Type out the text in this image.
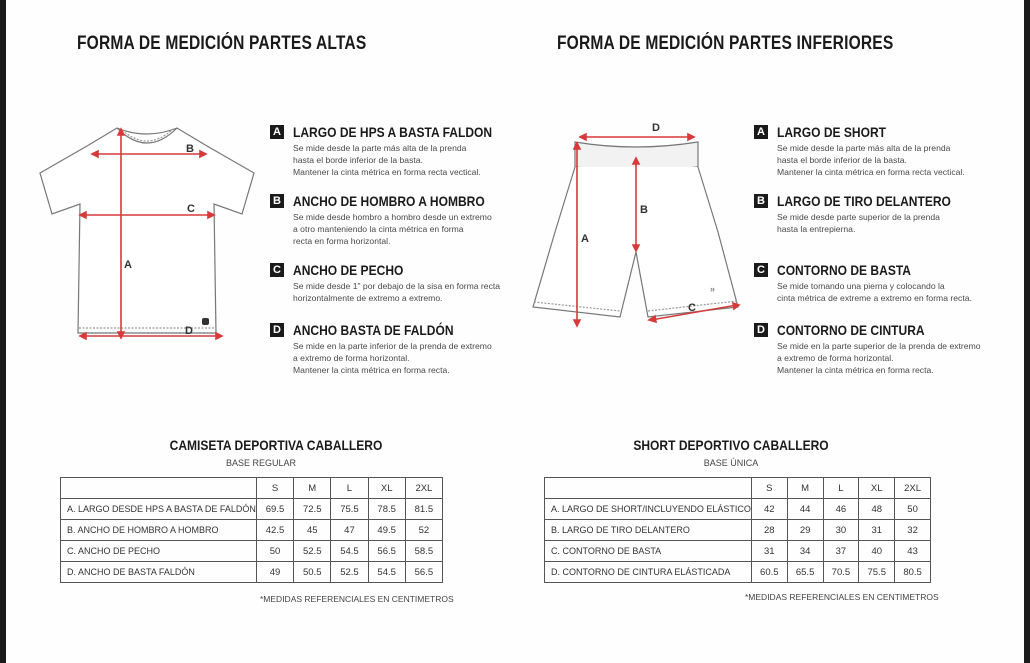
FORMA DE MEDICIÓN PARTES ALTAS	FORMA DE MEDICIÓN PARTES INFERIORES
B
C
A
D
D
A
B
C
»
A LARGO DE HPS A BASTA FALDON
Se mide desde la parte más alta de la prenda
hasta el borde inferior de la basta.
Mantener la cinta métrica en forma recta vectical.
B ANCHO DE HOMBRO A HOMBRO
Se mide desde hombro a hombro desde un extremo
a otro manteniendo la cinta métrica en forma
recta en forma horizontal.
C ANCHO DE PECHO
Se mide desde 1" por debajo de la sisa en forma recta
horizontalmente de extremo a extremo.
D ANCHO BASTA DE FALDÓN
Se mide en la parte inferior de la prenda de extremo
a extremo de forma horizontal.
Mantener la cinta métrica en forma recta.
A LARGO DE SHORT
Se mide desde la parte más alta de la prenda
hasta el borde inferior de la basta.
Mantener la cinta métrica en forma recta vectical.
B LARGO DE TIRO DELANTERO
Se mide desde parte superior de la prenda
hasta la entrepierna.
C CONTORNO DE BASTA
Se mide tomando una pierna y colocando la
cinta métrica de extreme a extremo en forma recta.
D CONTORNO DE CINTURA
Se mide en la parte superior de la prenda de extremo
a extremo de forma horizontal.
Mantener la cinta métrica en forma recta.
CAMISETA DEPORTIVA CABALLERO
BASE REGULAR
	S	M	L	XL	2XL
A. LARGO DESDE HPS A BASTA DE FALDÓN	69.5	72.5	75.5	78.5	81.5
B. ANCHO DE HOMBRO A HOMBRO	42.5	45	47	49.5	52
C. ANCHO DE PECHO	50	52.5	54.5	56.5	58.5
D. ANCHO DE BASTA FALDÓN	49	50.5	52.5	54.5	56.5
*MEDIDAS REFERENCIALES EN CENTIMETROS
SHORT DEPORTIVO CABALLERO
BASE ÚNICA
	S	M	L	XL	2XL
A. LARGO DE SHORT/INCLUYENDO ELÁSTICO	42	44	46	48	50
B. LARGO DE TIRO DELANTERO	28	29	30	31	32
C. CONTORNO DE BASTA	31	34	37	40	43
D. CONTORNO DE CINTURA ELÁSTICADA	60.5	65.5	70.5	75.5	80.5
*MEDIDAS REFERENCIALES EN CENTIMETROS
